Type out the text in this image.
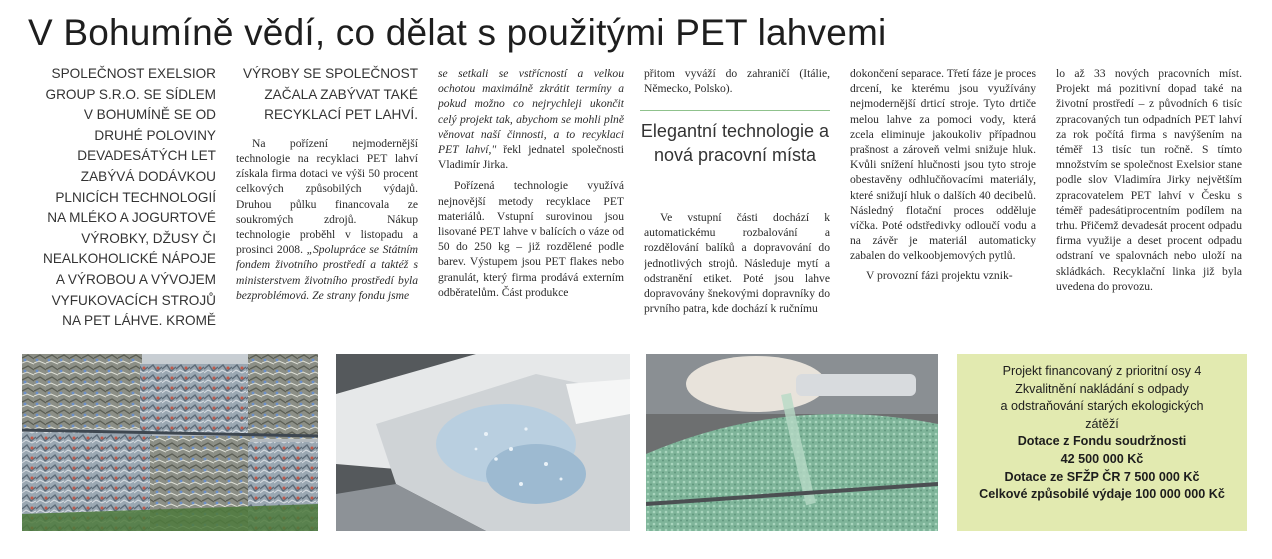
V Bohumíně vědí, co dělat s použitými PET lahvemi
SPOLEČNOST EXELSIOR GROUP S.R.O. SE SÍDLEM V BOHUMÍNĚ SE OD DRUHÉ POLOVINY DEVADESÁTÝCH LET ZABÝVÁ DODÁVKOU PLNICÍCH TECHNOLOGIÍ NA MLÉKO A JOGURTOVÉ VÝROBKY, DŽUSY ČI NEALKOHOLICKÉ NÁPOJE A VÝROBOU A VÝVOJEM VYFUKOVACÍCH STROJŮ NA PET LÁHVE. KROMĚ
VÝROBY SE SPOLEČNOST ZAČALA ZABÝVAT TAKÉ RECYKLACÍ PET LAHVÍ.

Na pořízení nejmodernější technologie na recyklaci PET lahví získala firma dotaci ve výši 50 procent celkových způsobilých výdajů. Druhou půlku financovala ze soukromých zdrojů. Nákup technologie proběhl v listopadu a prosinci 2008. „Spolupráce se Státním fondem životního prostředí a taktéž s ministerstvem životního prostředí byla bezproblémová. Ze strany fondu jsme

se setkali se vstřícností a velkou ochotou maximálně zkrátit termíny a pokud možno co nejrychleji ukončit celý projekt tak, abychom se mohli plně věnovat naší činnosti, a to recyklaci PET lahví," řekl jednatel společnosti Vladimír Jirka.

Pořízená technologie využívá nejnovější metody recyklace PET materiálů. Vstupní surovinou jsou lisované PET lahve v balících o váze od 50 do 250 kg – již rozdělené podle barev. Výstupem jsou PET flakes nebo granulát, který firma prodává externím odběratelům. Část produkce

přitom vyváží do zahraničí (Itálie, Německo, Polsko).

Elegantní technologie a nová pracovní místa

Ve vstupní části dochází k automatickému rozbalování a rozdělování balíků a dopravování do jednotlivých strojů. Následuje mytí a odstranění etiket. Poté jsou lahve dopravovány šnekovými dopravníky do prvního patra, kde dochází k ručnímu

dokončení separace. Třetí fáze je proces drcení, ke kterému jsou využívány nejmodernější drticí stroje. Tyto drtiče melou lahve za pomoci vody, která zcela eliminuje jakoukoliv případnou prašnost a zároveň velmi snižuje hluk. Kvůli snížení hlučnosti jsou tyto stroje obestavěny odhlučňovacími materiály, které snižují hluk o dalších 40 decibelů. Následný flotační proces odděluje víčka. Poté odstředivky odloučí vodu a na závěr je materiál automaticky zabalen do velkoobjemových pytlů.

V provozní fázi projektu vznik-

lo až 33 nových pracovních míst. Projekt má pozitivní dopad také na životní prostředí – z původních 6 tisíc zpracovaných tun odpadních PET lahví za rok počítá firma s navýšením na téměř 13 tisíc tun ročně. S tímto množstvím se společnost Exelsior stane podle slov Vladimíra Jirky největším zpracovatelem PET lahví v Česku s téměř padesátiprocentním podílem na trhu. Přičemž devadesát procent odpadu firma využije a deset procent odpadu odstraní ve spalovnách nebo uloží na skládkách. Recyklační linka již byla uvedena do provozu.

Projekt financovaný z prioritní osy 4
Zkvalitnění nakládání s odpady
a odstraňování starých ekologických
zátěží
Dotace z Fondu soudržnosti
42 500 000 Kč
Dotace ze SFŽP ČR 7 500 000 Kč
Celkové způsobilé výdaje 100 000 000 Kč
